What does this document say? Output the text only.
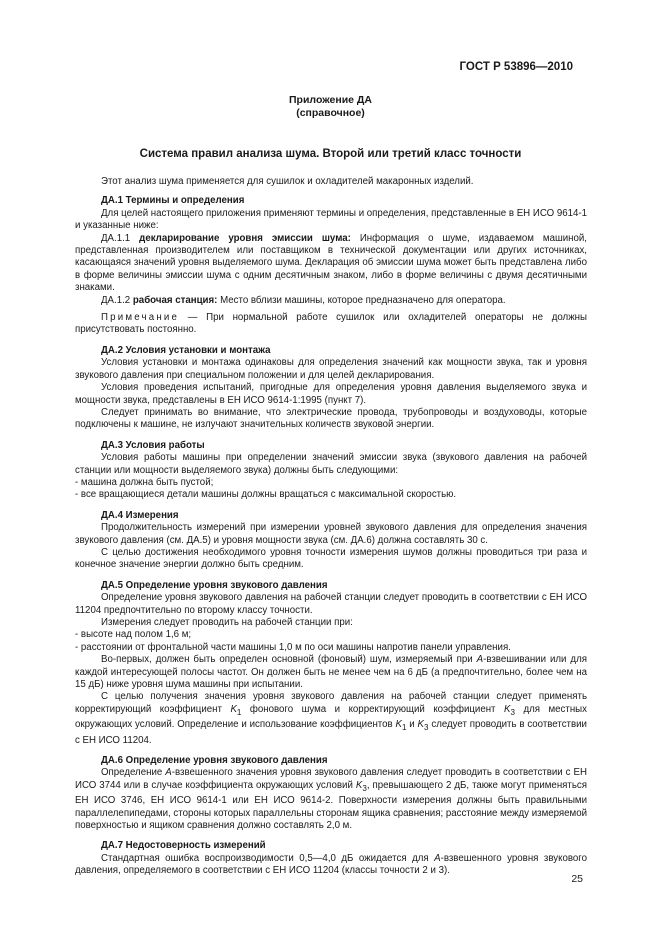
ГОСТ Р 53896—2010

Приложение ДА

(справочное)

Система правил анализа шума. Второй или третий класс точности

Этот анализ шума применяется для сушилок и охладителей макаронных изделий.

ДА.1 Термины и определения

Для целей настоящего приложения применяют термины и определения, представленные в ЕН ИСО 9614-1 и указанные ниже:

ДА.1.1 декларирование уровня эмиссии шума: Информация о шуме, издаваемом машиной, представленная производителем или поставщиком в технической документации или других источниках, касающаяся значений уровня выделяемого шума. Декларация об эмиссии шума может быть представлена либо в форме величины эмиссии шума с одним десятичным знаком, либо в форме величины с двумя десятичными знаками.

ДА.1.2 рабочая станция: Место вблизи машины, которое предназначено для оператора.

Примечание — При нормальной работе сушилок или охладителей операторы не должны присутствовать постоянно.

ДА.2 Условия установки и монтажа

Условия установки и монтажа одинаковы для определения значений как мощности звука, так и уровня звукового давления при специальном положении и для целей декларирования.

Условия проведения испытаний, пригодные для определения уровня давления выделяемого звука и мощности звука, представлены в ЕН ИСО 9614-1:1995 (пункт 7).

Следует принимать во внимание, что электрические провода, трубопроводы и воздуховоды, которые подключены к машине, не излучают значительных количеств звуковой энергии.

ДА.3 Условия работы

Условия работы машины при определении значений эмиссии звука (звукового давления на рабочей станции или мощности выделяемого звука) должны быть следующими:

- машина должна быть пустой;

- все вращающиеся детали машины должны вращаться с максимальной скоростью.

ДА.4 Измерения

Продолжительность измерений при измерении уровней звукового давления для определения значения звукового давления (см. ДА.5) и уровня мощности звука (см. ДА.6) должна составлять 30 с.

С целью достижения необходимого уровня точности измерения шумов должны проводиться три раза и конечное значение энергии должно быть средним.

ДА.5 Определение уровня звукового давления

Определение уровня звукового давления на рабочей станции следует проводить в соответствии с ЕН ИСО 11204 предпочтительно по второму классу точности.

Измерения следует проводить на рабочей станции при:

- высоте над полом 1,6 м;

- расстоянии от фронтальной части машины 1,0 м по оси машины напротив панели управления.

Во-первых, должен быть определен основной (фоновый) шум, измеряемый при А-взвешивании или для каждой интересующей полосы частот. Он должен быть не менее чем на 6 дБ (а предпочтительно, более чем на 15 дБ) ниже уровня шума машины при испытании.

С целью получения значения уровня звукового давления на рабочей станции следует применять корректирующий коэффициент $K_1$ фонового шума и корректирующий коэффициент $K_3$ для местных окружающих условий. Определение и использование коэффициентов $K_1$ и $K_3$ следует проводить в соответствии с ЕН ИСО 11204.

ДА.6 Определение уровня звукового давления

Определение А-взвешенного значения уровня звукового давления следует проводить в соответствии с ЕН ИСО 3744 или в случае коэффициента окружающих условий $K_3$, превышающего 2 дБ, также могут применяться ЕН ИСО 3746, ЕН ИСО 9614-1 или ЕН ИСО 9614-2. Поверхности измерения должны быть правильными параллелепипедами, стороны которых параллельны сторонам ящика сравнения; расстояние между измеряемой поверхностью и ящиком сравнения должно составлять 2,0 м.

ДА.7 Недостоверность измерений

Стандартная ошибка воспроизводимости 0,5—4,0 дБ ожидается для А-взвешенного уровня звукового давления, определяемого в соответствии с ЕН ИСО 11204 (классы точности 2 и 3).

25
